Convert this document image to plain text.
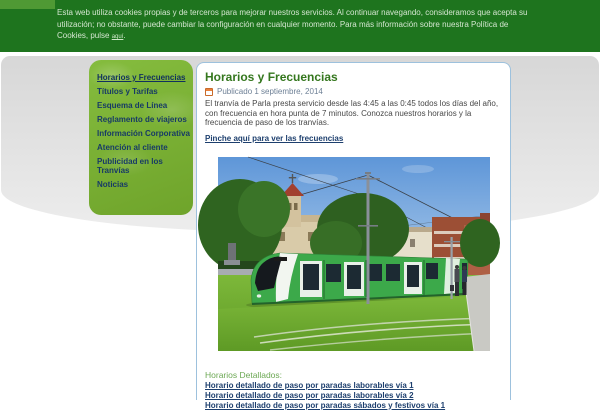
Esta web utiliza cookies propias y de terceros para mejorar nuestros servicios. Al continuar navegando, consideramos que acepta su utilización; no obstante, puede cambiar la configuración en cualquier momento. Para más información sobre nuestra Política de Cookies, pulse aquí.
Horarios y Frecuencias
Títulos y Tarifas
Esquema de Línea
Reglamento de viajeros
Información Corporativa
Atención al cliente
Publicidad en los Tranvías
Noticias
Horarios y Frecuencias
Publicado 1 septiembre, 2014

El tranvía de Parla presta servicio desde las 4:45 a las 0:45 todos los días del año, con frecuencia en hora punta de 7 minutos. Conozca nuestros horarios y la frecuencia de paso de los tranvías.

Pinche aquí para ver las frecuencias
Horarios Detallados:
Horario detallado de paso por paradas laborables vía 1
Horario detallado de paso por paradas laborables vía 2
Horario detallado de paso por paradas sábados y festivos vía 1
